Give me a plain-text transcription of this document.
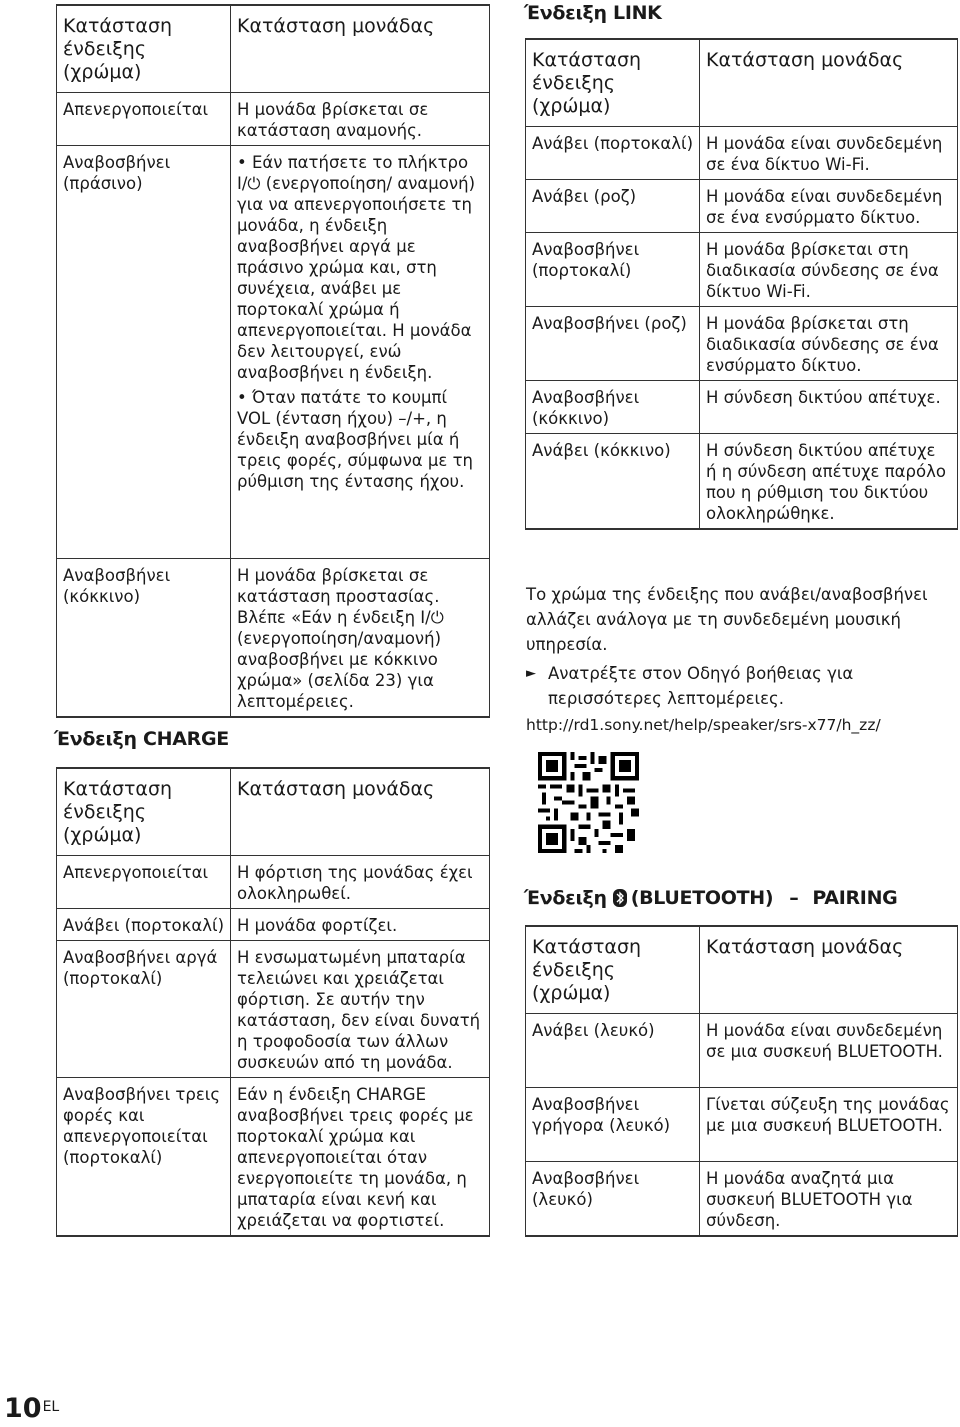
Κατάσταση ένδειξης (χρώμα)	Κατάσταση μονάδας
Απενεργοποιείται	Η μονάδα βρίσκεται σε κατάσταση αναμονής.
Αναβοσβήνει (πράσινο)	• Εάν πατήσετε το πλήκτρο I/⏻ (ενεργοποίηση/ αναμονή) για να απενεργοποιήσετε τη μονάδα, η ένδειξη αναβοσβήνει αργά με πράσινο χρώμα και, στη συνέχεια, ανάβει με πορτοκαλί χρώμα ή απενεργοποιείται. Η μονάδα δεν λειτουργεί, ενώ αναβοσβήνει η ένδειξη.
• Όταν πατάτε το κουμπί VOL (ένταση ήχου) –/+, η ένδειξη αναβοσβήνει μία ή τρεις φορές, σύμφωνα με τη ρύθμιση της έντασης ήχου.

Αναβοσβήνει (κόκκινο)	Η μονάδα βρίσκεται σε κατάσταση προστασίας. Βλέπε «Εάν η ένδειξη I/⏻ (ενεργοποίηση/αναμονή) αναβοσβήνει με κόκκινο χρώμα» (σελίδα 23) για λεπτομέρειες.
Ένδειξη CHARGE
Κατάσταση ένδειξης (χρώμα)	Κατάσταση μονάδας
Απενεργοποιείται	Η φόρτιση της μονάδας έχει ολοκληρωθεί.
Ανάβει (πορτοκαλί)	Η μονάδα φορτίζει.
Αναβοσβήνει αργά (πορτοκαλί)	Η ενσωματωμένη μπαταρία τελειώνει και χρειάζεται φόρτιση. Σε αυτήν την κατάσταση, δεν είναι δυνατή η τροφοδοσία των άλλων συσκευών από τη μονάδα.
Αναβοσβήνει τρεις φορές και απενεργοποιείται (πορτοκαλί)	Εάν η ένδειξη CHARGE αναβοσβήνει τρεις φορές με πορτοκαλί χρώμα και απενεργοποιείται όταν ενεργοποιείτε τη μονάδα, η μπαταρία είναι κενή και χρειάζεται να φορτιστεί.
Ένδειξη LINK
Κατάσταση ένδειξης (χρώμα)	Κατάσταση μονάδας
Ανάβει (πορτοκαλί)	Η μονάδα είναι συνδεδεμένη σε ένα δίκτυο Wi-Fi.
Ανάβει (ροζ)	Η μονάδα είναι συνδεδεμένη σε ένα ενσύρματο δίκτυο.
Αναβοσβήνει (πορτοκαλί)	Η μονάδα βρίσκεται στη διαδικασία σύνδεσης σε ένα δίκτυο Wi-Fi.
Αναβοσβήνει (ροζ)	Η μονάδα βρίσκεται στη διαδικασία σύνδεσης σε ένα ενσύρματο δίκτυο.
Αναβοσβήνει (κόκκινο)	Η σύνδεση δικτύου απέτυχε.
Ανάβει (κόκκινο)	Η σύνδεση δικτύου απέτυχε ή η σύνδεση απέτυχε παρόλο που η ρύθμιση του δικτύου ολοκληρώθηκε.
Το χρώμα της ένδειξης που ανάβει/αναβοσβήνει αλλάζει ανάλογα με τη συνδεδεμένη μουσική υπηρεσία.
► Ανατρέξτε στον Οδηγό βοήθειας για περισσότερες λεπτομέρειες.
http://rd1.sony.net/help/speaker/srs-x77/h_zz/
Ένδειξη (BLUETOOTH) – PAIRING
Κατάσταση ένδειξης (χρώμα)	Κατάσταση μονάδας
Ανάβει (λευκό)	Η μονάδα είναι συνδεδεμένη σε μια συσκευή BLUETOOTH.
Αναβοσβήνει γρήγορα (λευκό)	Γίνεται σύζευξη της μονάδας με μια συσκευή BLUETOOTH.
Αναβοσβήνει (λευκό)	Η μονάδα αναζητά μια συσκευή BLUETOOTH για σύνδεση.
10 EL
